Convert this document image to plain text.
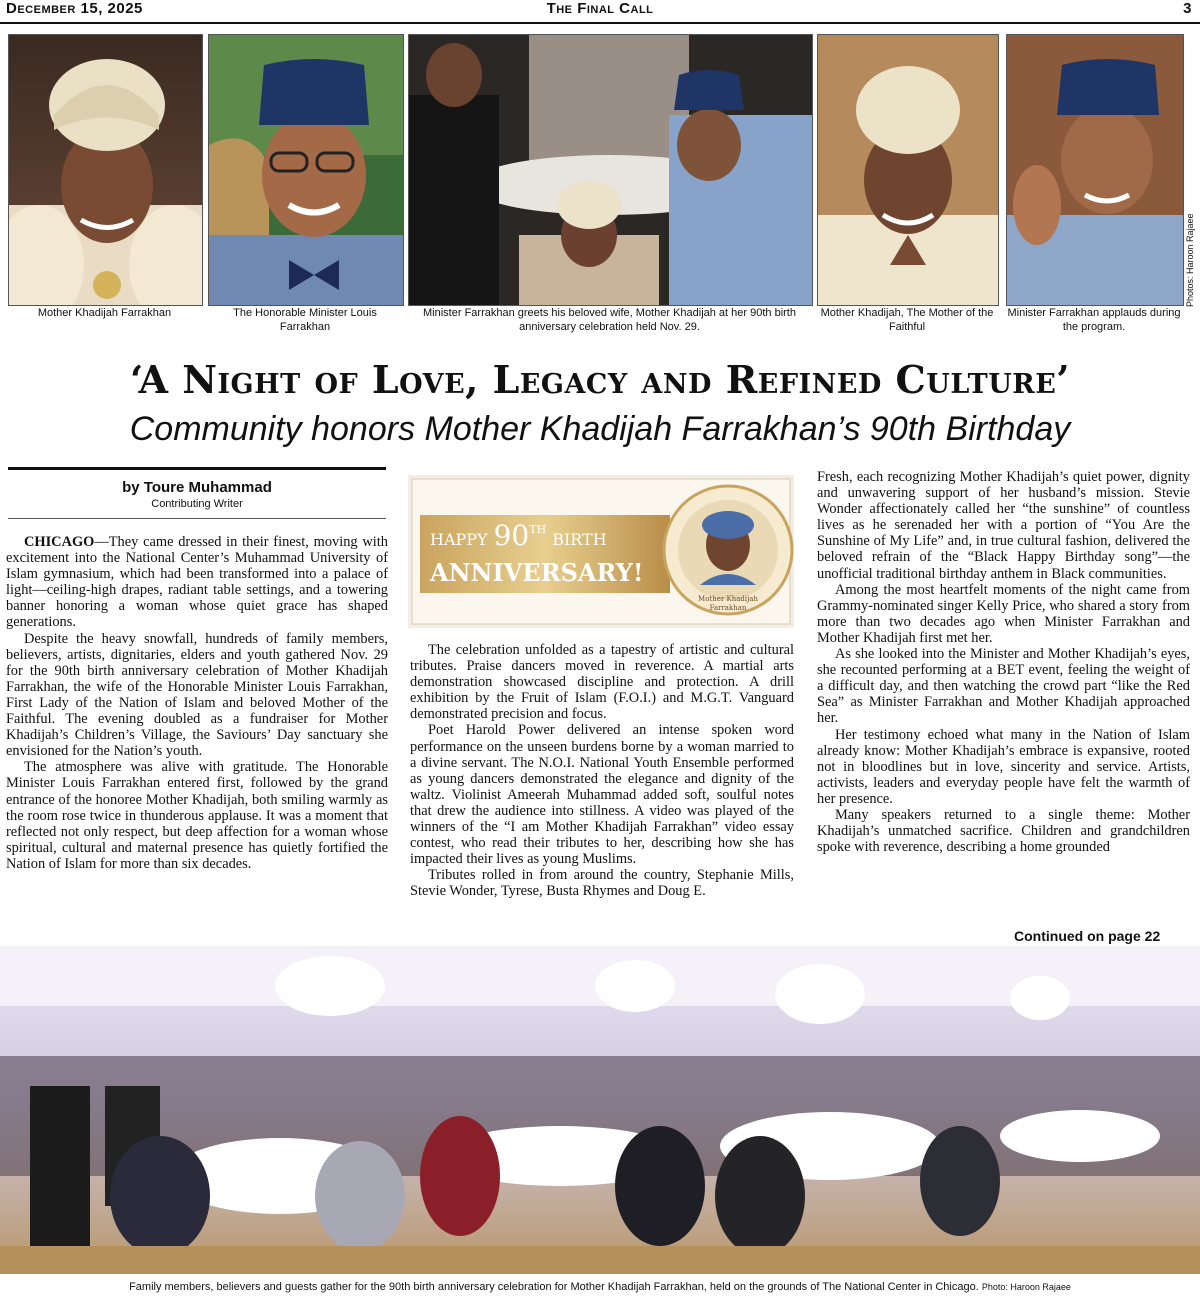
December 15, 2025	The Final Call	3
Mother Khadijah Farrakhan	The Honorable Minister Louis Farrakhan
Minister Farrakhan greets his beloved wife, Mother Khadijah at her 90th birth anniversary celebration held Nov. 29.
Mother Khadijah, The Mother of the Faithful
Minister Farrakhan applauds during the program.
Photos: Haroon Rajaee
‘A Night of Love, Legacy and Refined Culture’
Community honors Mother Khadijah Farrakhan’s 90th Birthday
by Toure Muhammad
Contributing Writer

CHICAGO—They came dressed in their finest, moving with excitement into the National Center’s Muhammad University of Islam gymnasium, which had been transformed into a palace of light—ceiling-high drapes, radiant table settings, and a towering banner honoring a woman whose quiet grace has shaped generations.

Despite the heavy snowfall, hundreds of family members, believers, artists, dignitaries, elders and youth gathered Nov. 29 for the 90th birth anniversary celebration of Mother Khadijah Farrakhan, the wife of the Honorable Minister Louis Farrakhan, First Lady of the Nation of Islam and beloved Mother of the Faithful. The evening doubled as a fundraiser for Mother Khadijah’s Children’s Village, the Saviours’ Day sanctuary she envisioned for the Nation’s youth.

The atmosphere was alive with gratitude. The Honorable Minister Louis Farrakhan entered first, followed by the grand entrance of the honoree Mother Khadijah, both smiling warmly as the room rose twice in thunderous applause. It was a moment that reflected not only respect, but deep affection for a woman whose spiritual, cultural and maternal presence has quietly fortified the Nation of Islam for more than six decades.

HAPPY 90THBIRTH
ANNIVERSARY!
Mother Khadijah
Farrakhan

The celebration unfolded as a tapestry of artistic and cultural tributes. Praise dancers moved in reverence. A martial arts demonstration showcased discipline and protection. A drill exhibition by the Fruit of Islam (F.O.I.) and M.G.T. Vanguard demonstrated precision and focus.

Poet Harold Power delivered an intense spoken word performance on the unseen burdens borne by a woman married to a divine servant. The N.O.I. National Youth Ensemble performed as young dancers demonstrated the elegance and dignity of the waltz. Violinist Ameerah Muhammad added soft, soulful notes that drew the audience into stillness. A video was played of the winners of the “I am Mother Khadijah Farrakhan” video essay contest, who read their tributes to her, describing how she has impacted their lives as young Muslims.

Tributes rolled in from around the country, Stephanie Mills, Stevie Wonder, Tyrese, Busta Rhymes and Doug E.

Fresh, each recognizing Mother Khadijah’s quiet power, dignity and unwavering support of her husband’s mission. Stevie Wonder affectionately called her “the sunshine” of countless lives as he serenaded her with a portion of “You Are the Sunshine of My Life” and, in true cultural fashion, delivered the beloved refrain of the “Black Happy Birthday song”—the unofficial traditional birthday anthem in Black communities.

Among the most heartfelt moments of the night came from Grammy-nominated singer Kelly Price, who shared a story from more than two decades ago when Minister Farrakhan and Mother Khadijah first met her.

As she looked into the Minister and Mother Khadijah’s eyes, she recounted performing at a BET event, feeling the weight of a difficult day, and then watching the crowd part “like the Red Sea” as Minister Farrakhan and Mother Khadijah approached her.

Her testimony echoed what many in the Nation of Islam already know: Mother Khadijah’s embrace is expansive, rooted not in bloodlines but in love, sincerity and service. Artists, activists, leaders and everyday people have felt the warmth of her presence.

Many speakers returned to a single theme: Mother Khadijah’s unmatched sacrifice. Children and grandchildren spoke with reverence, describing a home grounded

Continued on page 22
Family members, believers and guests gather for the 90th birth anniversary celebration for Mother Khadijah Farrakhan, held on the grounds of The National Center in Chicago. Photo: Haroon Rajaee
